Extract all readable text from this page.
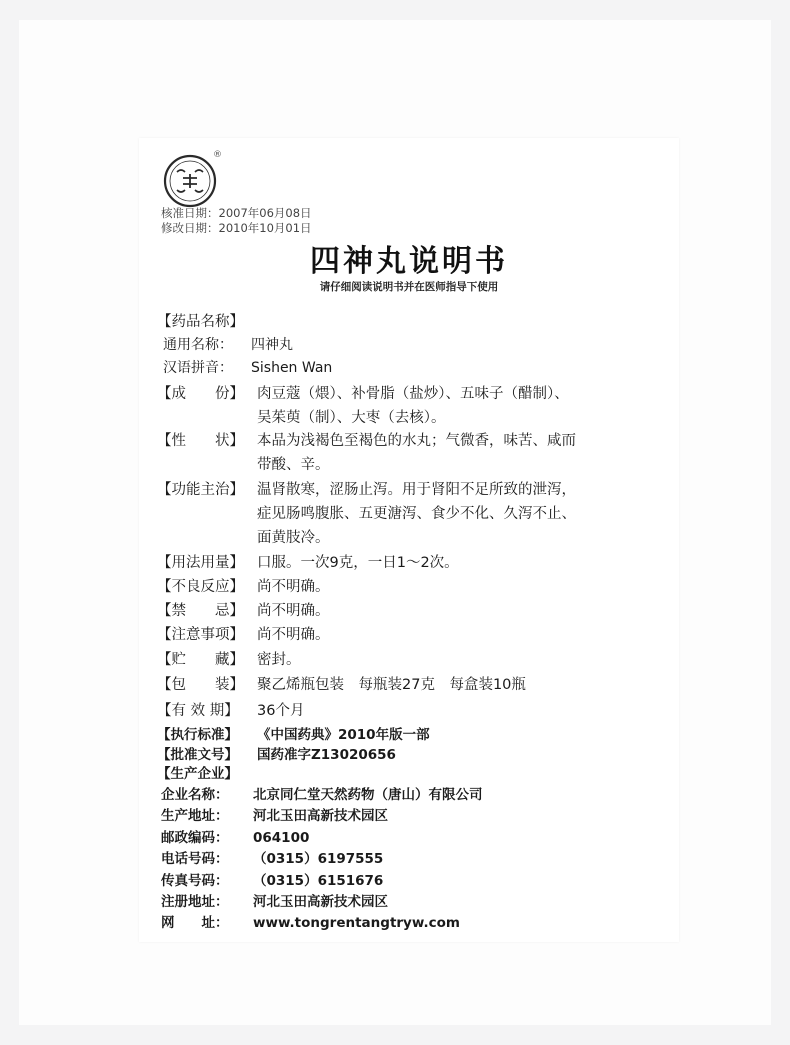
®
核准日期：2007年06月08日
修改日期：2010年10月01日
四神丸说明书
请仔细阅读说明书并在医师指导下使用
【药品名称】
通用名称： 四神丸
汉语拼音： Sishen Wan
【成　　份】 肉豆蔻（煨）、补骨脂（盐炒）、五味子（醋制）、
吴茱萸（制）、大枣（去核）。
【性　　状】 本品为浅褐色至褐色的水丸；气微香，味苦、咸而
带酸、辛。
【功能主治】 温肾散寒，涩肠止泻。用于肾阳不足所致的泄泻，
症见肠鸣腹胀、五更溏泻、食少不化、久泻不止、
面黄肢冷。
【用法用量】 口服。一次9克，一日1～2次。
【不良反应】 尚不明确。
【禁　　忌】 尚不明确。
【注意事项】 尚不明确。
【贮　　藏】 密封。
【包　　装】 聚乙烯瓶包装　每瓶装27克　每盒装10瓶
【有 效 期】 36个月
【执行标准】 《中国药典》2010年版一部
【批准文号】 国药准字Z13020656
【生产企业】
企业名称： 北京同仁堂天然药物（唐山）有限公司
生产地址： 河北玉田高新技术园区
邮政编码： 064100
电话号码： （0315）6197555
传真号码： （0315）6151676
注册地址： 河北玉田高新技术园区
网　　址： www.tongrentangtryw.com
